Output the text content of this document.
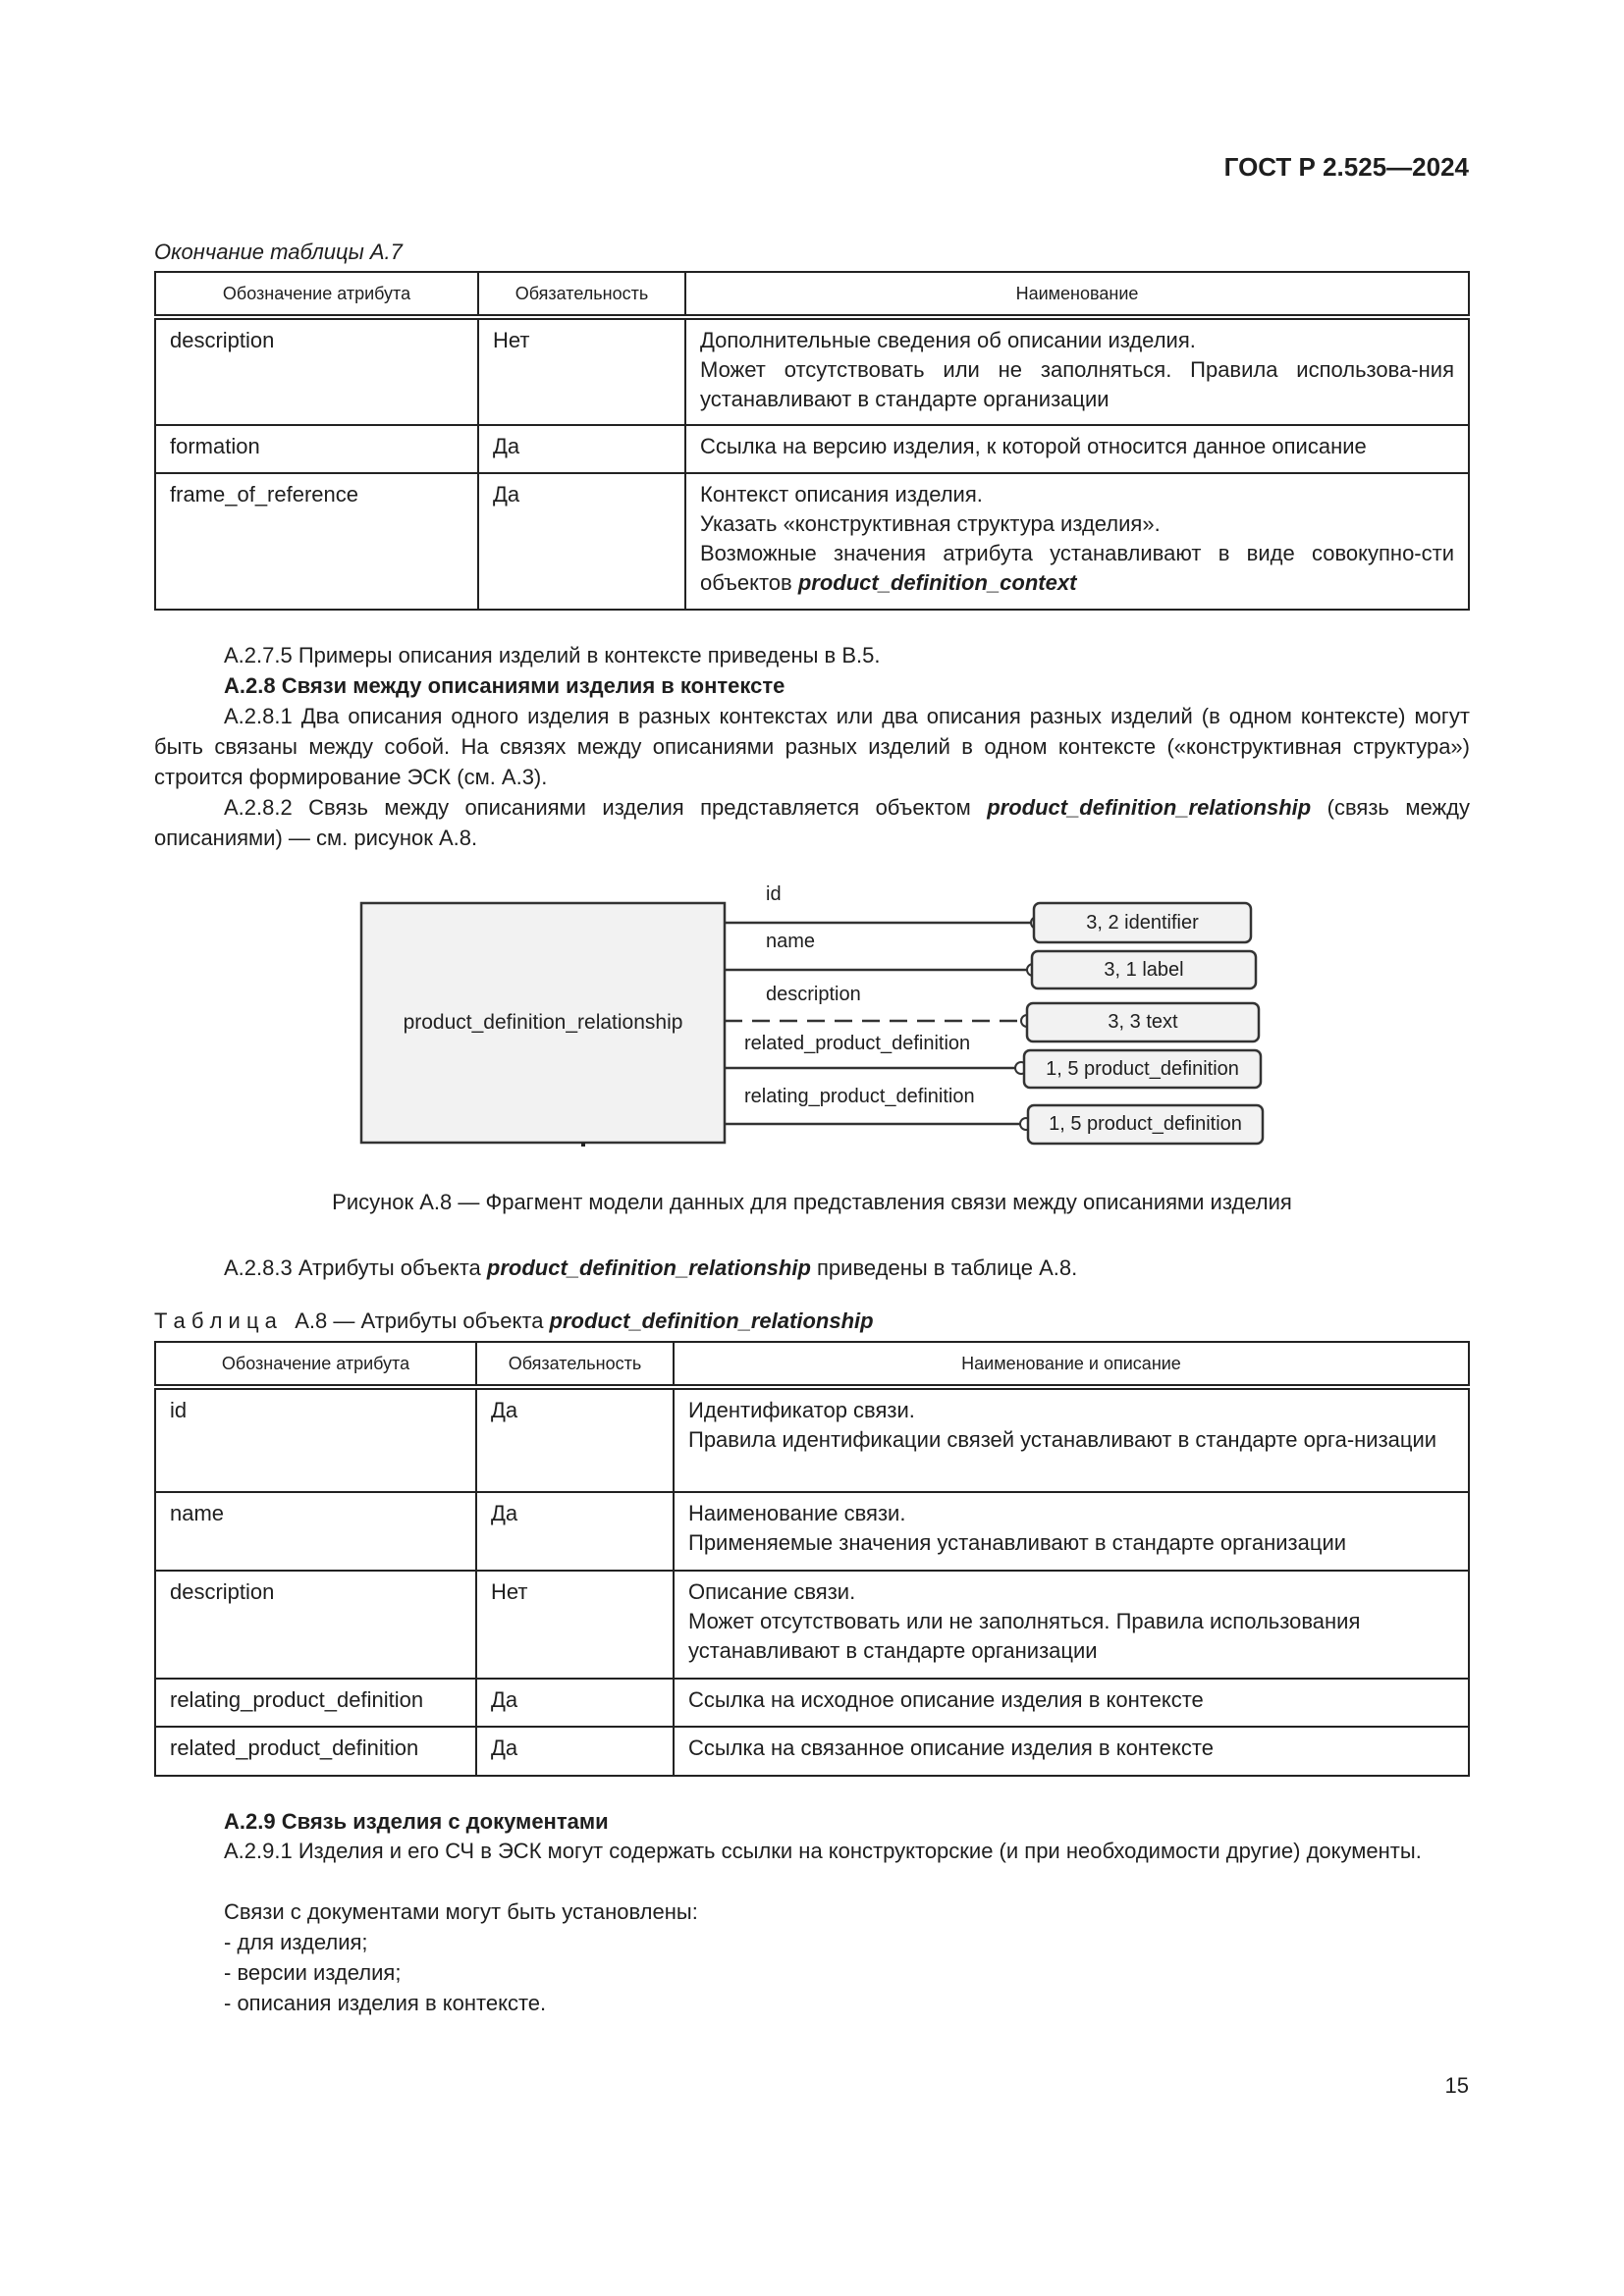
ГОСТ Р 2.525—2024
Окончание таблицы А.7
Обозначение атрибута	Обязательность	Наименование
description	Нет	Дополнительные сведения об описании изделия.
Может отсутствовать или не заполняться. Правила использова-ния устанавливают в стандарте организации

formation	Да	Ссылка на версию изделия, к которой относится данное описание

frame_of_reference	Да	Контекст описания изделия.
Указать «конструктивная структура изделия».
Возможные значения атрибута устанавливают в виде совокупно-сти объектов product_definition_context
А.2.7.5 Примеры описания изделий в контексте приведены в В.5.
А.2.8 Связи между описаниями изделия в контексте
А.2.8.1 Два описания одного изделия в разных контекстах или два описания разных изделий (в одном контексте) могут быть связаны между собой. На связях между описаниями разных изделий в одном контексте («конструктивная структура») строится формирование ЭСК (см. А.3).
А.2.8.2 Связь между описаниями изделия представляется объектом product_definition_relationship (связь между описаниями) — см. рисунок А.8.
product_definition_relationship
id
name
description
related_product_definition
relating_product_definition
3, 2 identifier
3, 1 label
3, 3 text
1, 5 product_definition
1, 5 product_definition
Рисунок А.8 — Фрагмент модели данных для представления связи между описаниями изделия
А.2.8.3 Атрибуты объекта product_definition_relationship приведены в таблице А.8.
Т а б л и ц а   А.8 — Атрибуты объекта product_definition_relationship
Обозначение атрибута	Обязательность	Наименование и описание
id	Да	Идентификатор связи.
Правила идентификации связей устанавливают в стандарте орга-низации

name	Да	Наименование связи.
Применяемые значения устанавливают в стандарте организации

description	Нет	Описание связи.
Может отсутствовать или не заполняться. Правила использования устанавливают в стандарте организации

relating_product_definition	Да	Ссылка на исходное описание изделия в контексте
related_product_definition	Да	Ссылка на связанное описание изделия в контексте
А.2.9 Связь изделия с документами
А.2.9.1 Изделия и его СЧ в ЭСК могут содержать ссылки на конструкторские (и при необходимости другие) документы.
Связи с документами могут быть установлены:
- для изделия;
- версии изделия;
- описания изделия в контексте.
15
